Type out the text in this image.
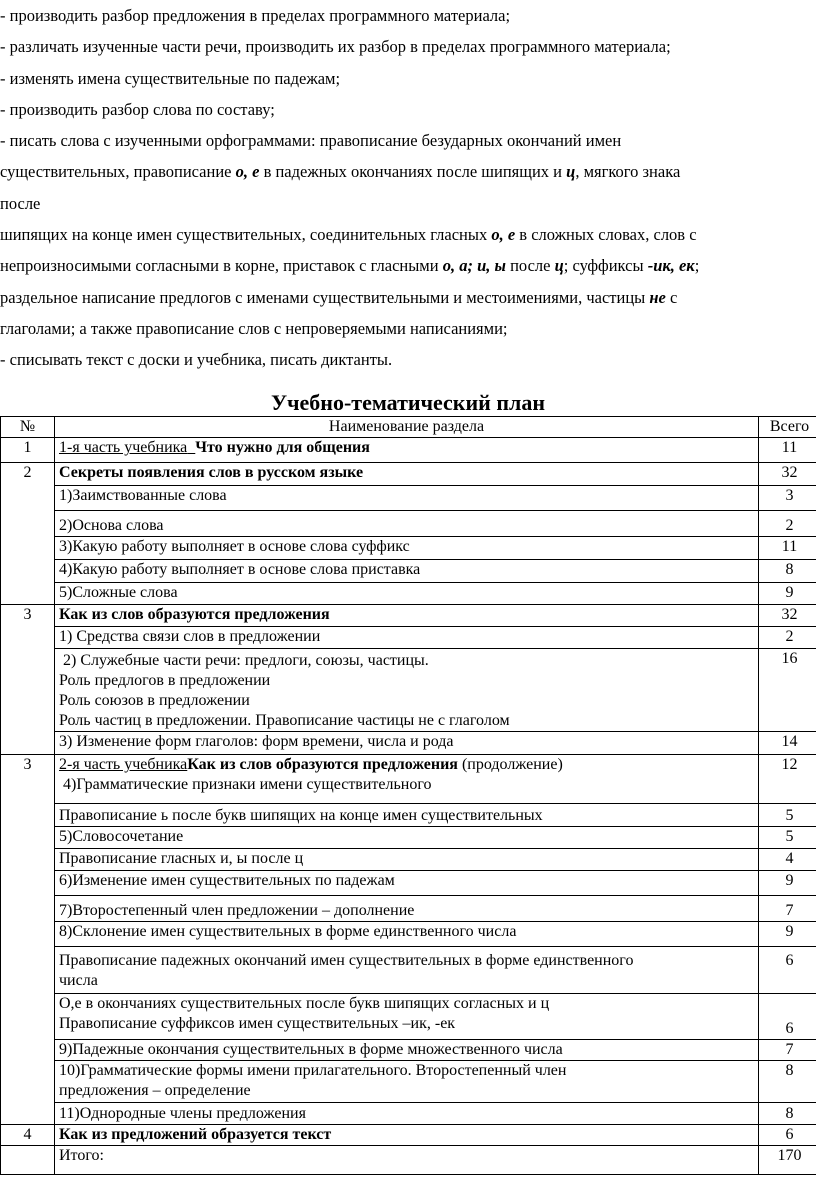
- производить разбор предложения в пределах программного материала;

- различать изученные части речи, производить их разбор в пределах программного материала;

- изменять имена существительные по падежам;

- производить разбор слова по составу;

- писать слова с изученными орфограммами: правописание безударных окончаний имен

существительных, правописание о, е в падежных окончаниях после шипящих и ц, мягкого знака

после

шипящих на конце имен существительных, соединительных гласных о, е в сложных словах, слов с

непроизносимыми согласными в корне, приставок с гласными о, а; и, ы после ц; суффиксы -ик, ек;

раздельное написание предлогов с именами существительными и местоимениями, частицы не с

глаголами; а также правописание слов с непроверяемыми написаниями;

- списывать текст с доски и учебника, писать диктанты.

Учебно-тематический план
№	Наименование раздела	Всего
1	1-я часть учебника Что нужно для общения	11
2	Секреты появления слов в русском языке	32
	1)Заимствованные слова	3
	2)Основа слова	2
	3)Какую работу выполняет в основе слова суффикс	11
	4)Какую работу выполняет в основе слова приставка	8
	5)Сложные слова	9
3	Как из слов образуются предложения	32
	1) Средства связи слов в предложении	2

	2) Служебные части речи: предлоги, союзы, частицы.
Роль предлогов в предложении
Роль союзов в предложении
Роль частиц в предложении. Правописание частицы не с глаголом	16
	3) Изменение форм глаголов: форм времени, числа и рода	14
3	2-я часть учебникаКак из слов образуются предложения (продолжение)
4)Грамматические признаки имени существительного	12
	Правописание ь после букв шипящих на конце имен существительных	5
	5)Словосочетание	5
	Правописание гласных и, ы после ц	4
	6)Изменение имен существительных по падежам	9
	7)Второстепенный член предложении – дополнение	7
	8)Склонение имен существительных в форме единственного числа	9

	Правописание падежных окончаний имен существительных в форме единственного
числа	6

	О,е в окончаниях существительных после букв шипящих согласных и ц
Правописание суффиксов имен существительных –ик, -ек	6
	9)Падежные окончания существительных в форме множественного числа	7

	10)Грамматические формы имени прилагательного. Второстепенный член
предложения – определение	8
	11)Однородные члены предложения	8
4	Как из предложений образуется текст	6
	Итого:	170
